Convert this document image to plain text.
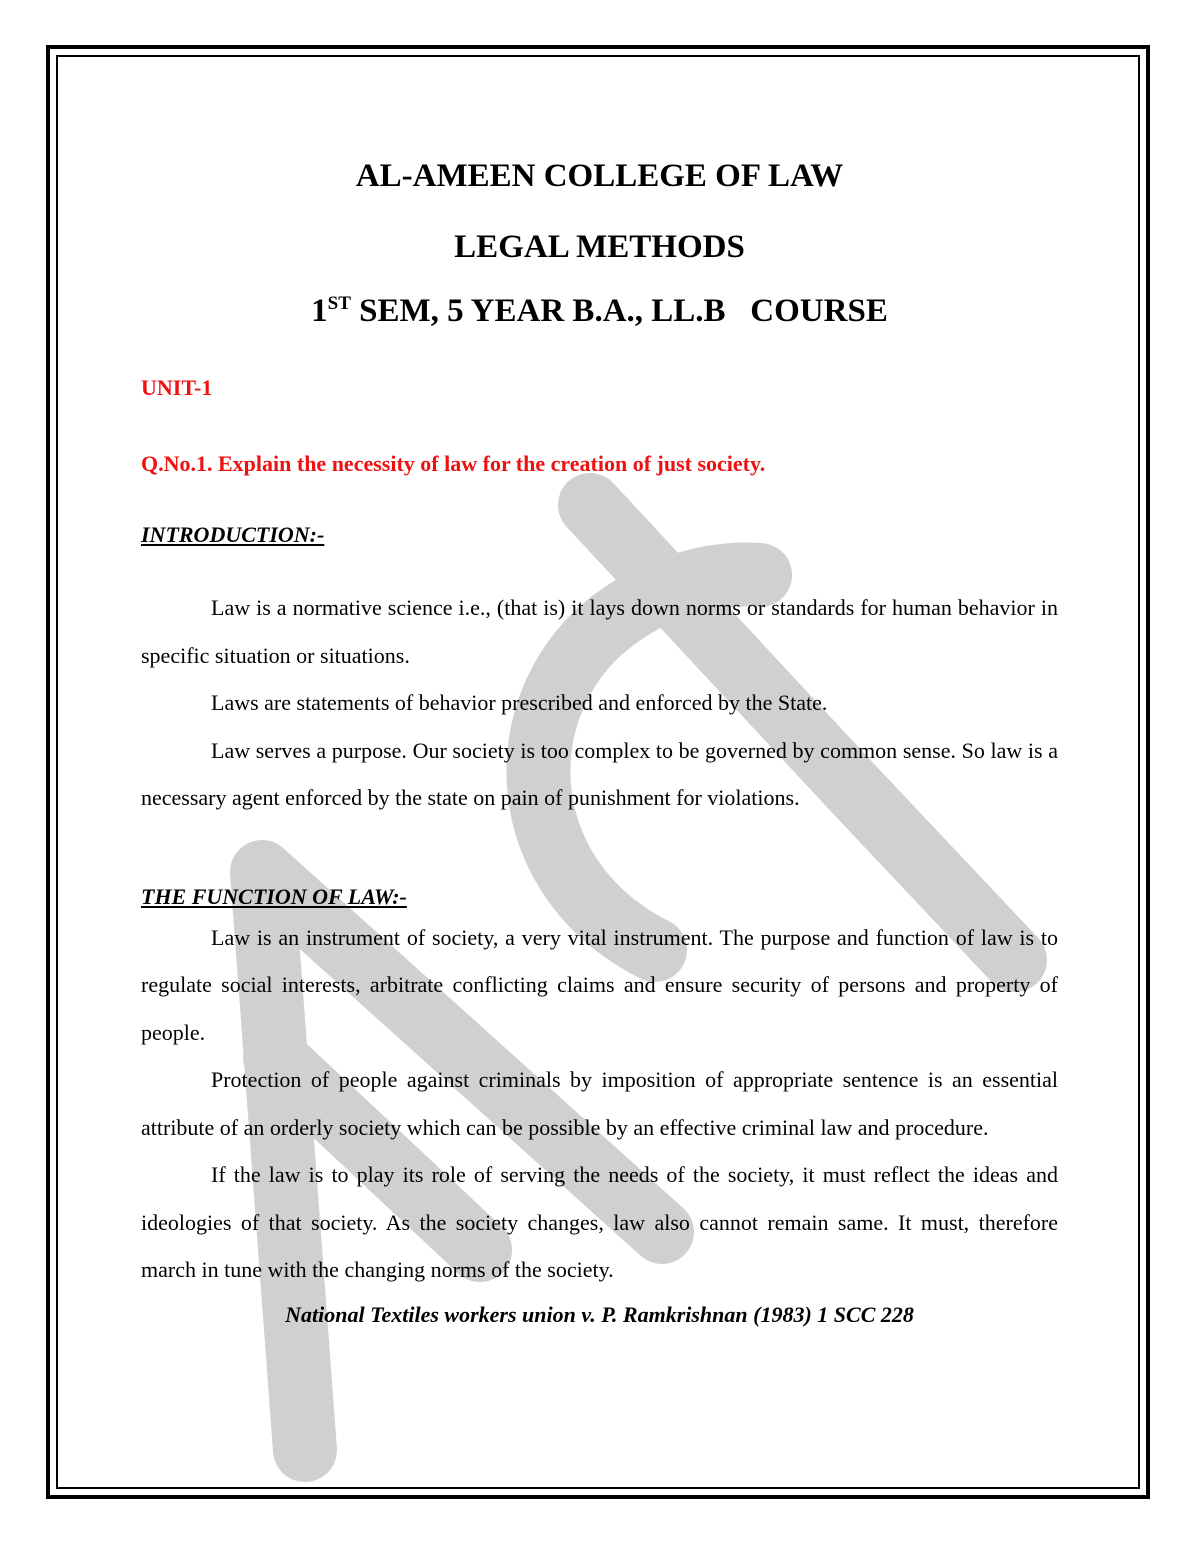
AL-AMEEN COLLEGE OF LAW
LEGAL METHODS
1ST SEM, 5 YEAR B.A., LL.B   COURSE
UNIT-1
Q.No.1. Explain the necessity of law for the creation of just society.
INTRODUCTION:-

Law is a normative science i.e., (that is) it lays down norms or standards for human behavior in specific situation or situations.

Laws are statements of behavior prescribed and enforced by the State.

Law serves a purpose. Our society is too complex to be governed by common sense. So law is a necessary agent enforced by the state on pain of punishment for violations.

THE FUNCTION OF LAW:-

Law is an instrument of society, a very vital instrument. The purpose and function of law is to regulate social interests, arbitrate conflicting claims and ensure security of persons and property of people.

Protection of people against criminals by imposition of appropriate sentence is an essential attribute of an orderly society which can be possible by an effective criminal law and procedure.

If the law is to play its role of serving the needs of the society, it must reflect the ideas and ideologies of that society. As the society changes, law also cannot remain same. It must, therefore march in tune with the changing norms of the society.

National Textiles workers union v. P. Ramkrishnan (1983) 1 SCC 228
